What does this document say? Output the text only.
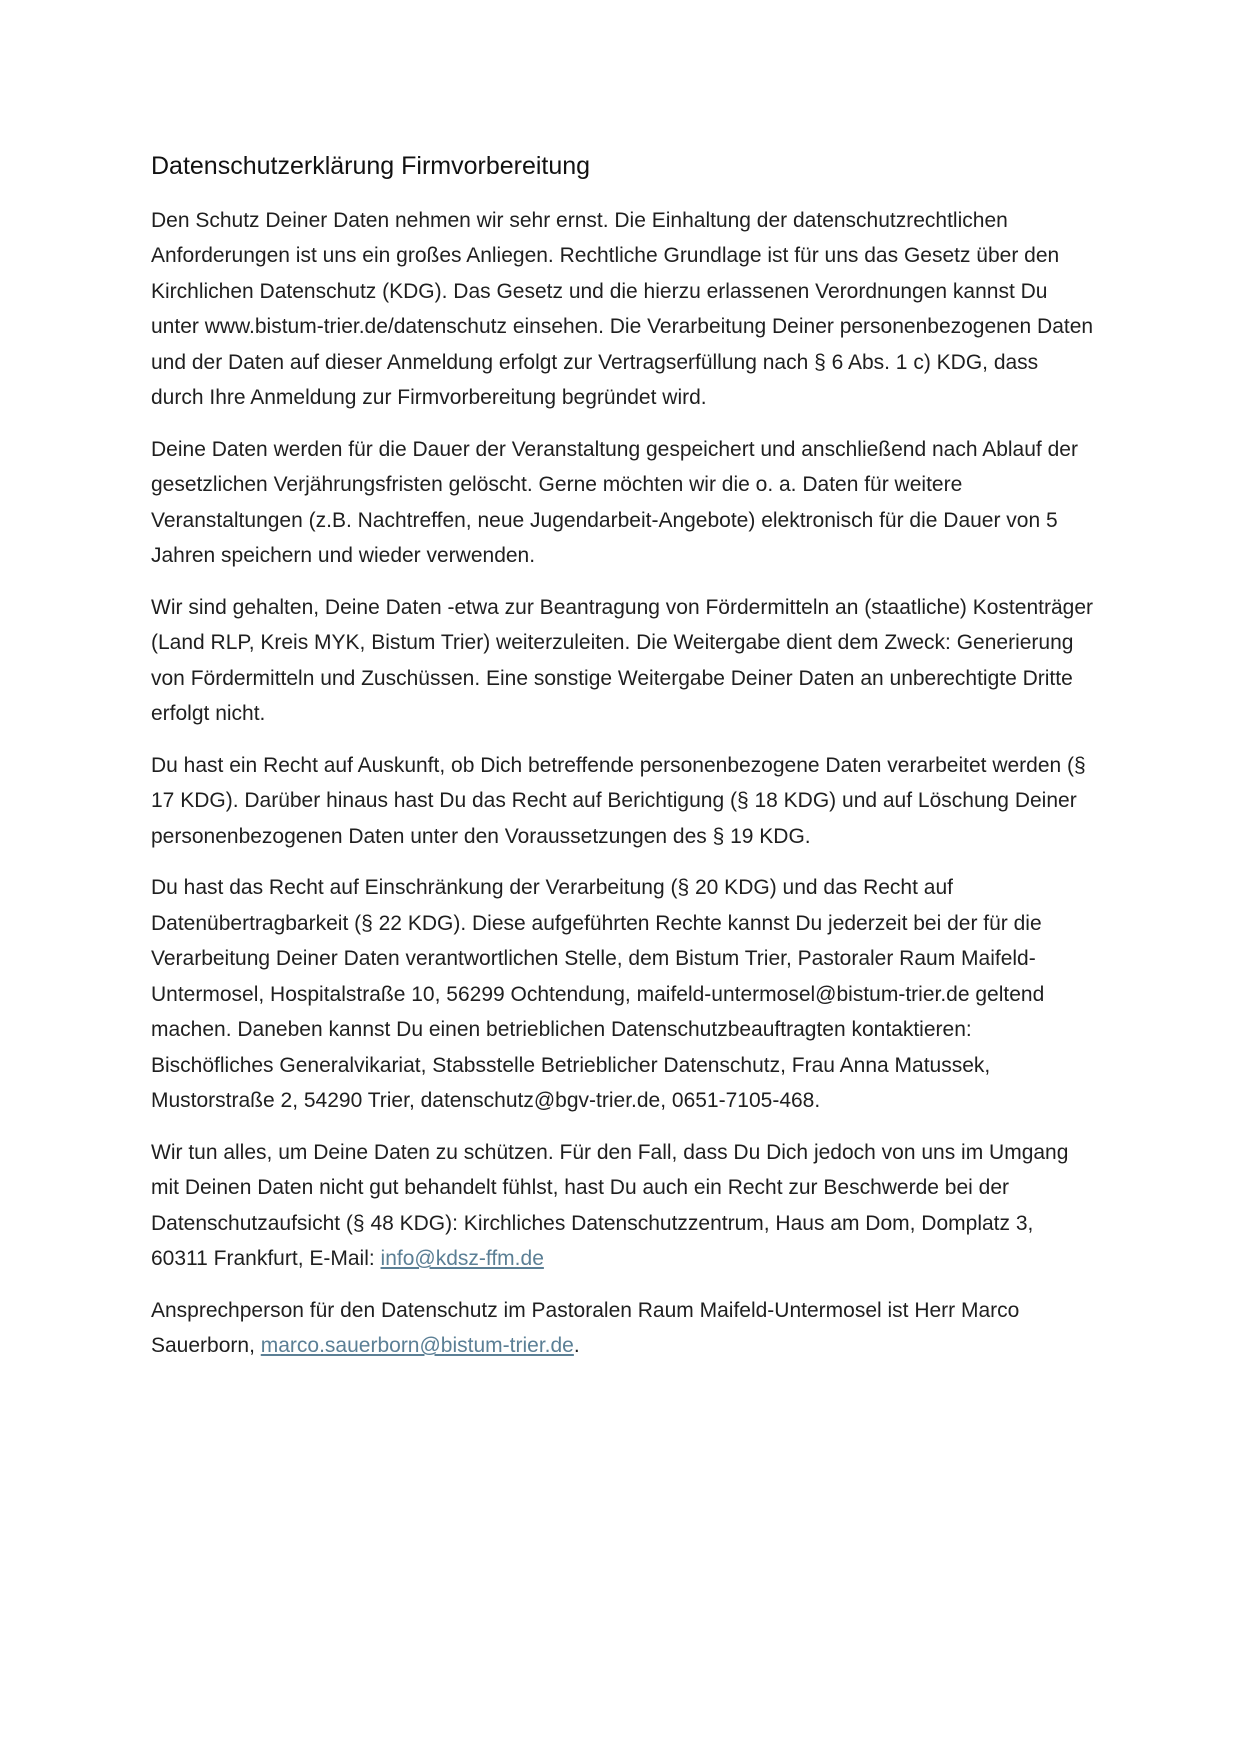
Datenschutzerklärung Firmvorbereitung

Den Schutz Deiner Daten nehmen wir sehr ernst. Die Einhaltung der datenschutzrechtlichen Anforderungen ist uns ein großes Anliegen. Rechtliche Grundlage ist für uns das Gesetz über den Kirchlichen Datenschutz (KDG). Das Gesetz und die hierzu erlassenen Verordnungen kannst Du unter www.bistum-trier.de/datenschutz einsehen. Die Verarbeitung Deiner personenbezogenen Daten und der Daten auf dieser Anmeldung erfolgt zur Vertragserfüllung nach § 6 Abs. 1 c) KDG, dass durch Ihre Anmeldung zur Firmvorbereitung begründet wird.

Deine Daten werden für die Dauer der Veranstaltung gespeichert und anschließend nach Ablauf der gesetzlichen Verjährungsfristen gelöscht. Gerne möchten wir die o. a. Daten für weitere Veranstaltungen (z.B. Nachtreffen, neue Jugendarbeit-Angebote) elektronisch für die Dauer von 5 Jahren speichern und wieder verwenden.

Wir sind gehalten, Deine Daten -etwa zur Beantragung von Fördermitteln an (staatliche) Kostenträger (Land RLP, Kreis MYK, Bistum Trier) weiterzuleiten. Die Weitergabe dient dem Zweck: Generierung von Fördermitteln und Zuschüssen. Eine sonstige Weitergabe Deiner Daten an unberechtigte Dritte erfolgt nicht.

Du hast ein Recht auf Auskunft, ob Dich betreffende personenbezogene Daten verarbeitet werden (§ 17 KDG). Darüber hinaus hast Du das Recht auf Berichtigung (§ 18 KDG) und auf Löschung Deiner personenbezogenen Daten unter den Voraussetzungen des § 19 KDG.

Du hast das Recht auf Einschränkung der Verarbeitung (§ 20 KDG) und das Recht auf Datenübertragbarkeit (§ 22 KDG). Diese aufgeführten Rechte kannst Du jederzeit bei der für die Verarbeitung Deiner Daten verantwortlichen Stelle, dem Bistum Trier, Pastoraler Raum Maifeld-Untermosel, Hospitalstraße 10, 56299 Ochtendung, maifeld-untermosel@bistum-trier.de geltend machen. Daneben kannst Du einen betrieblichen Datenschutzbeauftragten kontaktieren: Bischöfliches Generalvikariat, Stabsstelle Betrieblicher Datenschutz, Frau Anna Matussek, Mustorstraße 2, 54290 Trier, datenschutz@bgv-trier.de, 0651-7105-468.

Wir tun alles, um Deine Daten zu schützen. Für den Fall, dass Du Dich jedoch von uns im Umgang mit Deinen Daten nicht gut behandelt fühlst, hast Du auch ein Recht zur Beschwerde bei der Datenschutzaufsicht (§ 48 KDG): Kirchliches Datenschutzzentrum, Haus am Dom, Domplatz 3, 60311 Frankfurt, E-Mail: info@kdsz-ffm.de

Ansprechperson für den Datenschutz im Pastoralen Raum Maifeld-Untermosel ist Herr Marco Sauerborn, marco.sauerborn@bistum-trier.de.
